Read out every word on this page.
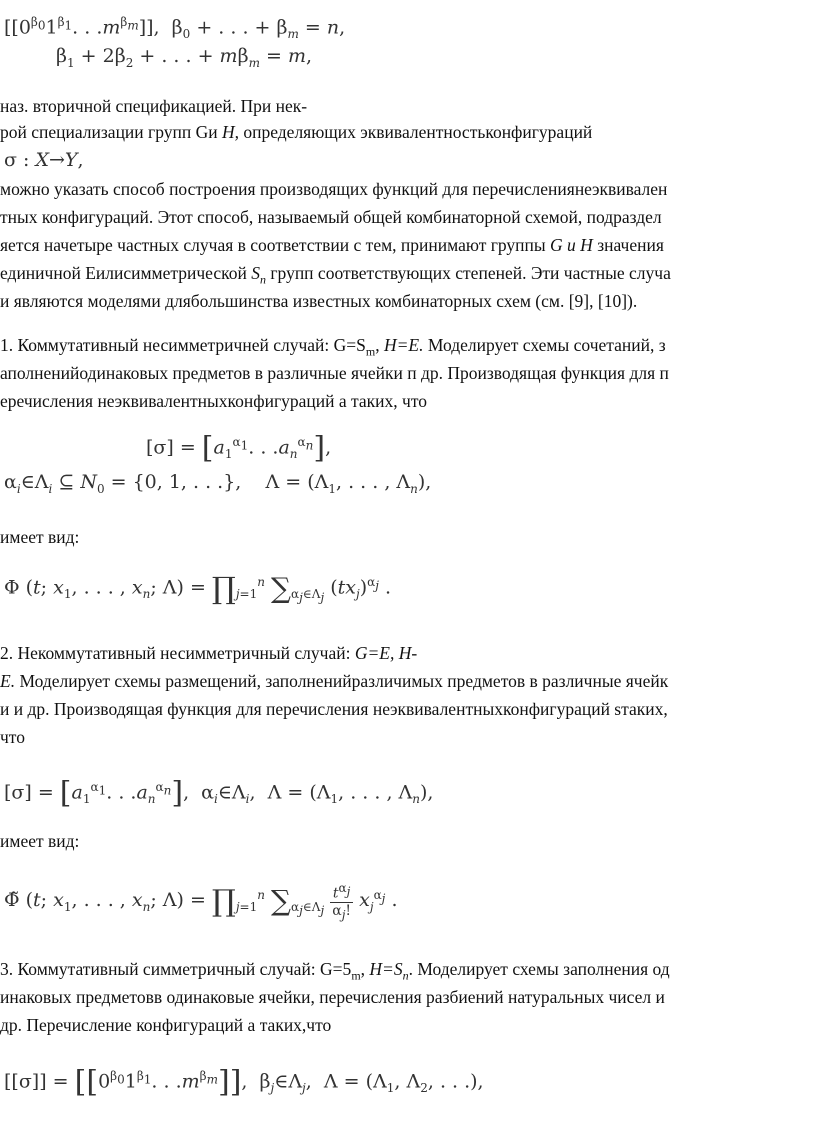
[[$0^{\beta_0}1^{\beta_1}$. . $.m^{\beta_m}$]],  $\beta_0$ + . . . + $\beta_m = n$,
$\beta_1 + 2\beta_2$ + . . . + $m\beta_m = m$,
наз. вторичной спецификацией. При нек-
рой специализации групп Gи H, определяющих эквивалентностьконфигураций
σ : X→Y,
можно указать способ построения производящих функций для перечислениянеэквивален
тных конфигураций. Этот способ, называемый общей комбинаторной схемой, подраздел
яется начетыре частных случая в соответствии с тем, принимают группы G и H значения
единичной Еилисимметрической $S_n$ групп соответствующих степеней. Эти частные случа
и являются моделями длябольшинства известных комбинаторных схем (см. [9], [10]).
1. Коммутативный несимметричней случай: $G=S_m$, H=E. Моделирует схемы сочетаний, з
аполненийодинаковых предметов в различные ячейки п др. Производящая функция для п
еречисления неэквивалентныхконфигураций а таких, что
$[\sigma] = [a_1^{\alpha_1}$. . $.a_n^{\alpha_n}$],
$\alpha_i\in\Lambda_i$ ⊆ $N_0 = \{0$, 1, . . .},    $\Lambda = (\Lambda_1$, . . . , $\Lambda_n$),
имеет вид:
Φ (t; $x_1$, . . . , $x_n$; $\Lambda) = \prod_{j=1}^n$ $\sum_{\alpha_j\in\Lambda_j}$ $(tx_j)^{\alpha_j}$ .
2. Некоммутативный несимметричный случай: G=E, H-
E. Моделирует схемы размещений, заполненийразличимых предметов в различные ячейк
и и др. Производящая функция для перечисления неэквивалентныхконфигураций sтаких,
что
$[\sigma] = [a_1^{\alpha_1}$. . $.a_n^{\alpha_n}$],  $\alpha_i\in\Lambda_i$,  $\Lambda = (\Lambda_1$, . . . , $\Lambda_n$),
имеет вид:
Φ̃ (t; $x_1$, . . . , $x_n$; $\Lambda) = \prod_{j=1}^n$ $\sum_{\alpha_j\in\Lambda_j} \frac{t^{\alpha_j}}{\alpha_j!} x_j^{\alpha_j}$ .
3. Коммутативный симметричный случай: $G=5_m$, $H=S_n$. Моделирует схемы заполнения од
инаковых предметовв одинаковые ячейки, перечисления разбиений натуральных чисел и
др. Перечисление конфигураций а таких,что
$[[\sigma]] = [[0^{\beta_0}1^{\beta_1}$. . $.m^{\beta_m}$]],  $\beta_j\in\Lambda_j$,  $\Lambda = (\Lambda_1$, $\Lambda_2$, . . .),
